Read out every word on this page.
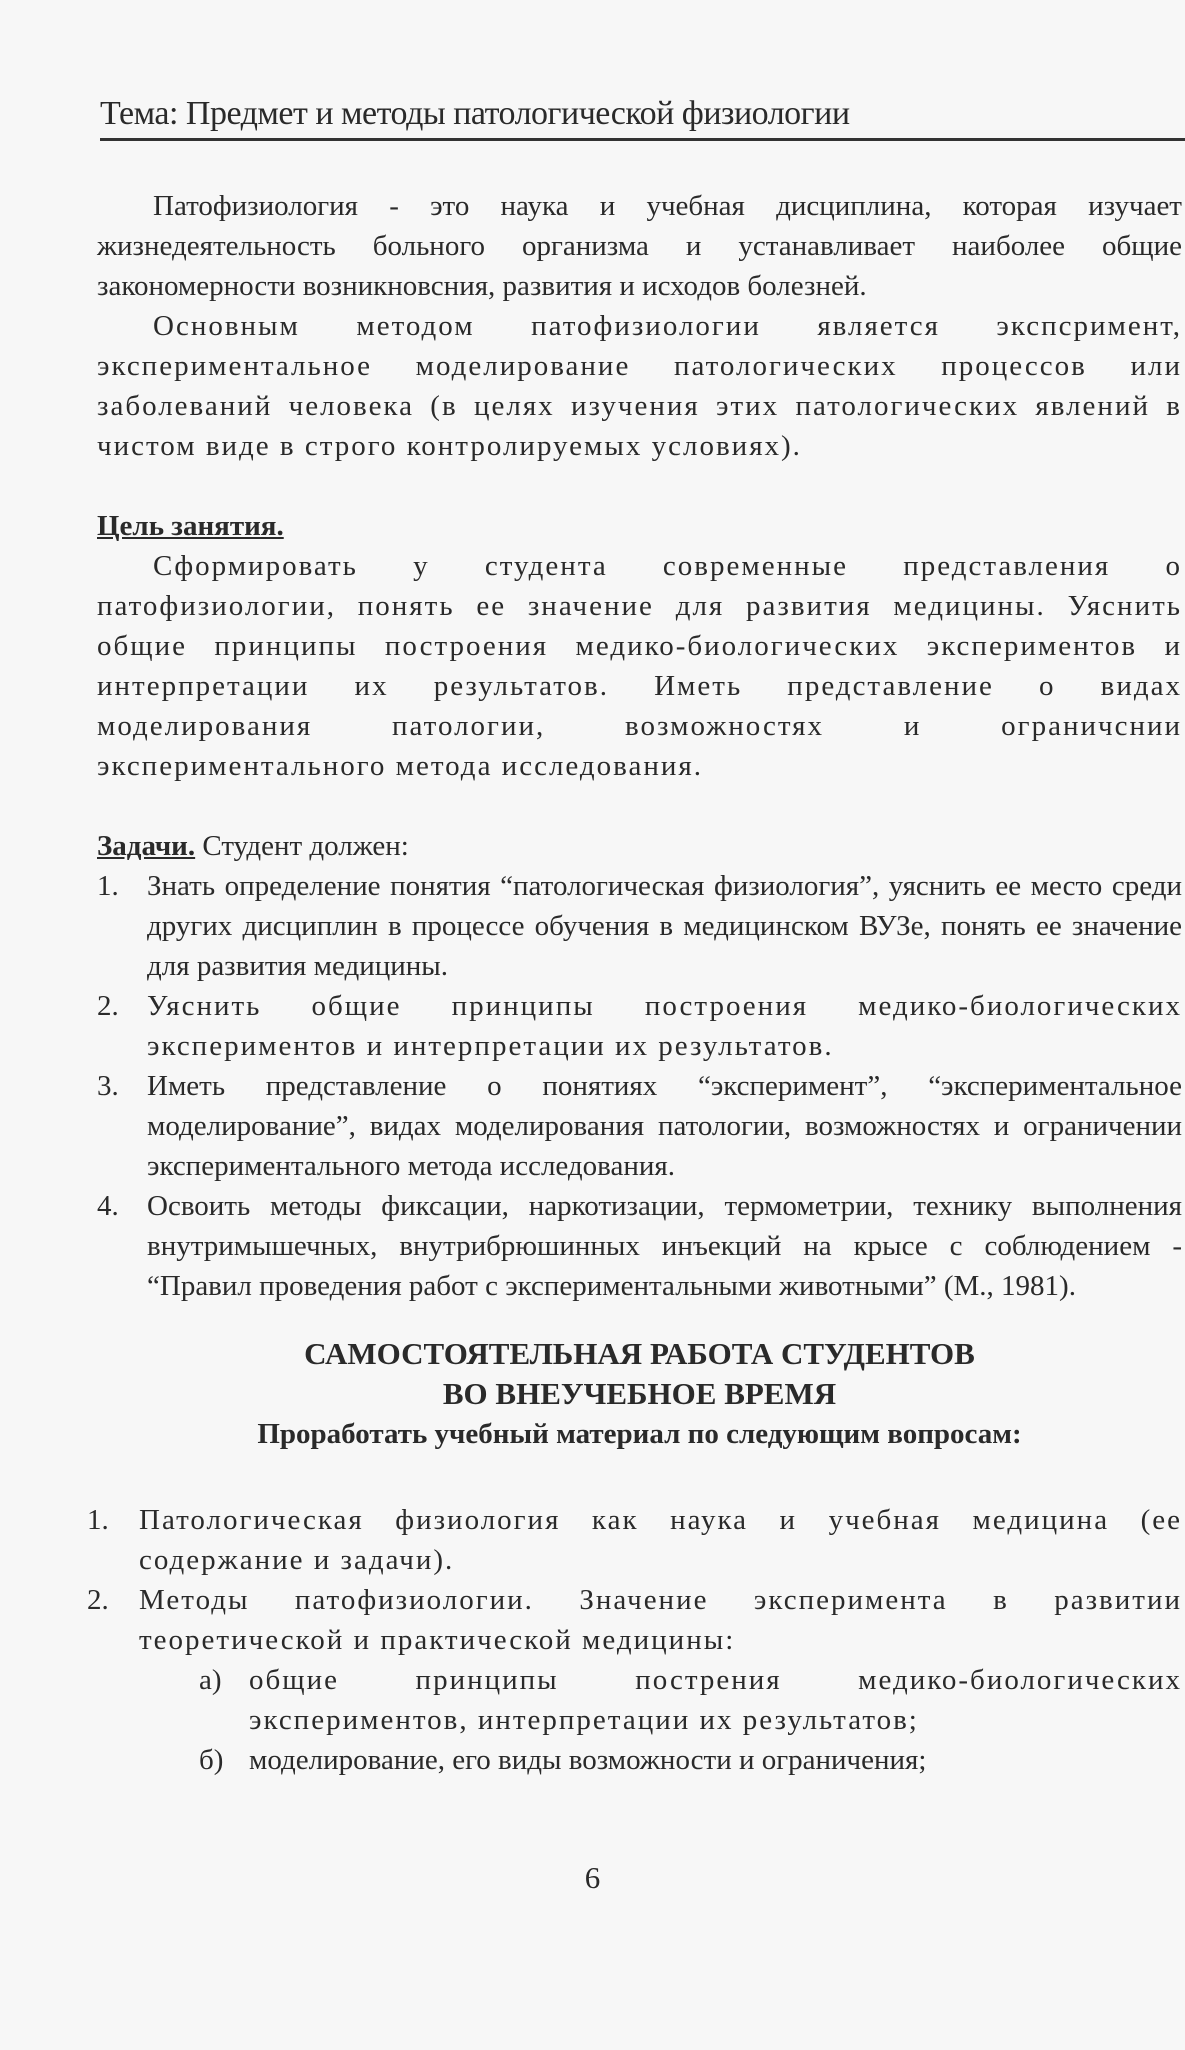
Тема: Предмет и методы патологической физиологии

Патофизиология - это наука и учебная дисциплина, которая изучает жизнедеятельность больного организма и устанавливает наиболее общие закономерности возникновсния, развития и исходов болезней.

Основным методом патофизиологии является экспсримент, экспериментальное моделирование патологических процессов или заболеваний человека (в целях изучения этих патологических явлений в чистом виде в строго контролируемых условиях).

Цель занятия.

Сформировать у студента современные представления о патофизиологии, понять ее значение для развития медицины. Уяснить общие принципы построения медико-биологических экспериментов и интерпретации их результатов. Иметь представление о видах моделирования патологии, возможностях и ограничснии экспериментального метода исследования.

Задачи. Студент должен:

1. Знать определение понятия “патологическая физиология”, уяснить ее место среди других дисциплин в процессе обучения в медицинском ВУЗе, понять ее значение для развития медицины.
2. Уяснить общие принципы построения медико-биологических экспериментов и интерпретации их результатов.
3. Иметь представление о понятиях “эксперимент”, “экспериментальное моделирование”, видах моделирования патологии, возможностях и ограничении экспериментального метода исследования.
4. Освоить методы фиксации, наркотизации, термометрии, технику выполнения внутримышечных, внутрибрюшинных инъекций на крысе с соблюдением - “Правил проведения работ с экспериментальными животными” (М., 1981).

САМОСТОЯТЕЛЬНАЯ РАБОТА СТУДЕНТОВ

ВО ВНЕУЧЕБНОЕ ВРЕМЯ

Проработать учебный материал по следующим вопросам:

1. Патологическая физиология как наука и учебная медицина (ее содержание и задачи).
2. Методы патофизиологии. Значение эксперимента в развитии теоретической и практической медицины:
а) общие принципы пострения медико-биологических экспериментов, интерпретации их результатов;
б) моделирование, его виды возможности и ограничения;
6
